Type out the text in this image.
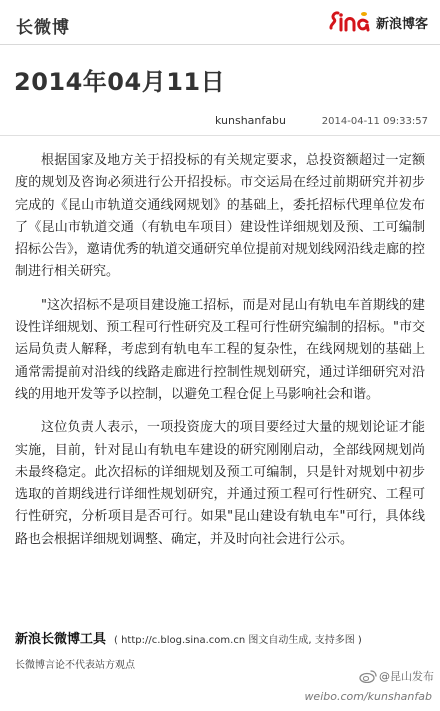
长微博	新浪博客
2014年04月11日
kunshanfabu	2014-04-11 09:33:57

根据国家及地方关于招投标的有关规定要求，总投资额超过一定额度的规划及咨询必须进行公开招投标。市交运局在经过前期研究并初步完成的《昆山市轨道交通线网规划》的基础上，委托招标代理单位发布了《昆山市轨道交通（有轨电车项目）建设性详细规划及预、工可编制招标公告》，邀请优秀的轨道交通研究单位提前对规划线网沿线走廊的控制进行相关研究。

"这次招标不是项目建设施工招标，而是对昆山有轨电车首期线的建设性详细规划、预工程可行性研究及工程可行性研究编制的招标。"市交运局负责人解释，考虑到有轨电车工程的复杂性，在线网规划的基础上通常需提前对沿线的线路走廊进行控制性规划研究，通过详细研究对沿线的用地开发等予以控制，以避免工程仓促上马影响社会和谐。

这位负责人表示，一项投资庞大的项目要经过大量的规划论证才能实施，目前，针对昆山有轨电车建设的研究刚刚启动，全部线网规划尚未最终稳定。此次招标的详细规划及预工可编制，只是针对规划中初步选取的首期线进行详细性规划研究，并通过预工程可行性研究、工程可行性研究，分析项目是否可行。如果"昆山建设有轨电车"可行，具体线路也会根据详细规划调整、确定，并及时向社会进行公示。

新浪长微博工具 ( http://c.blog.sina.com.cn 图文自动生成, 支持多图 )
长微博言论不代表站方观点
@昆山发布
weibo.com/kunshanfab
